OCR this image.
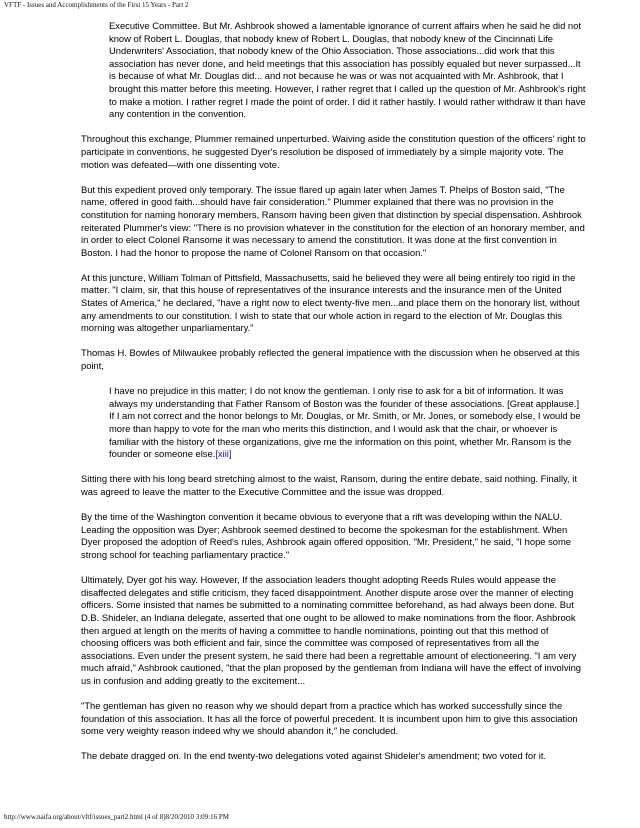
VFTF - Issues and Accomplishments of the First 15 Years - Part 2

Executive Committee. But Mr. Ashbrook showed a lamentable ignorance of current affairs when he said he did not know of Robert L. Douglas, that nobody knew of Robert L. Douglas, that nobody knew of the Cincinnati Life Underwriters' Association, that nobody knew of the Ohio Association. Those associations...did work that this association has never done, and held meetings that this association has possibly equaled but never surpassed...It is because of what Mr. Douglas did... and not because he was or was not acquainted with Mr. Ashbrook, that I brought this matter before this meeting. However, I rather regret that I called up the question of Mr. Ashbrook's right to make a motion. I rather regret I made the point of order. I did it rather hastily. I would rather withdraw it than have any contention in the convention.

Throughout this exchange, Plummer remained unperturbed. Waiving aside the constitution question of the officers' right to participate in conventions, he suggested Dyer's resolution be disposed of immediately by a simple majority vote. The motion was defeated—with one dissenting vote.

But this expedient proved only temporary. The issue flared up again later when James T. Phelps of Boston said, "The name, offered in good faith...should have fair consideration." Plummer explained that there was no provision in the constitution for naming honorary members, Ransom having been given that distinction by special dispensation. Ashbrook reiterated Plummer's view: "There is no provision whatever in the constitution for the election of an honorary member, and in order to elect Colonel Ransome it was necessary to amend the constitution. It was done at the first convention in Boston. I had the honor to propose the name of Colonel Ransom on that occasion."

At this juncture, William Tolman of Pittsfield, Massachusetts, said he believed they were all being entirely too rigid in the matter. "I claim, sir, that this house of representatives of the insurance interests and the insurance men of the United States of America," he declared, "have a right now to elect twenty-five men...and place them on the honorary list, without any amendments to our constitution. I wish to state that our whole action in regard to the election of Mr. Douglas this morning was altogether unparliamentary."

Thomas H. Bowles of Milwaukee probably reflected the general impatience with the discussion when he observed at this point,

I have no prejudice in this matter; I do not know the gentleman. I only rise to ask for a bit of information. It was always my understanding that Father Ransom of Boston was the founder of these associations. [Great applause.] If I am not correct and the honor belongs to Mr. Douglas, or Mr. Smith, or Mr. Jones, or somebody else, I would be more than happy to vote for the man who merits this distinction, and I would ask that the chair, or whoever is familiar with the history of these organizations, give me the information on this point, whether Mr. Ransom is the founder or someone else.[xiii]

Sitting there with his long beard stretching almost to the waist, Ransom, during the entire debate, said nothing. Finally, it was agreed to leave the matter to the Executive Committee and the issue was dropped.

By the time of the Washington convention it became obvious to everyone that a rift was developing within the NALU. Leading the opposition was Dyer; Ashbrook seemed destined to become the spokesman for the establishment. When Dyer proposed the adoption of Reed's rules, Ashbrook again offered opposition. "Mr. President," he said, "I hope some strong school for teaching parliamentary practice."

Ultimately, Dyer got his way. However, If the association leaders thought adopting Reeds Rules would appease the disaffected delegates and stifle criticism, they faced disappointment. Another dispute arose over the manner of electing officers. Some insisted that names be submitted to a nominating committee beforehand, as had always been done. But D.B. Shideler, an Indiana delegate, asserted that one ought to be allowed to make nominations from the floor. Ashbrook then argued at length on the merits of having a committee to handle nominations, pointing out that this method of choosing officers was both efficient and fair, since the committee was composed of representatives from all the associations. Even under the present system, he said there had been a regrettable amount of electioneering. "I am very much afraid," Ashbrook cautioned, "that the plan proposed by the gentleman from Indiana will have the effect of involving us in confusion and adding greatly to the excitement...

"The gentleman has given no reason why we should depart from a practice which has worked successfully since the foundation of this association. It has all the force of powerful precedent. It is incumbent upon him to give this association some very weighty reason indeed why we should abandon it," he concluded.

The debate dragged on. In the end twenty-two delegations voted against Shideler's amendment; two voted for it.

http://www.naifa.org/about/vftf/issues_part2.html (4 of 8)8/20/2010 3:09:16 PM
